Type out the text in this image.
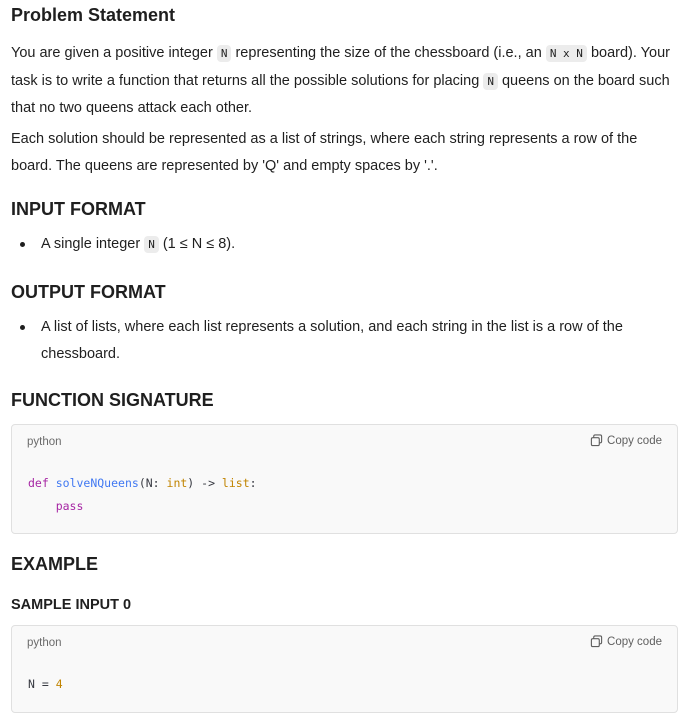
Problem Statement

You are given a positive integer N representing the size of the chessboard (i.e., an N x N board). Your task is to write a function that returns all the possible solutions for placing N queens on the board such that no two queens attack each other.

Each solution should be represented as a list of strings, where each string represents a row of the board. The queens are represented by 'Q' and empty spaces by '.'.

INPUT FORMAT
A single integer N (1 ≤ N ≤ 8).
OUTPUT FORMAT
A list of lists, where each list represents a solution, and each string in the list is a row of the chessboard.
FUNCTION SIGNATURE
python	Copy code
def solveNQueens(N: int) -> list:
pass
EXAMPLE
SAMPLE INPUT 0
python	Copy code
N = 4
